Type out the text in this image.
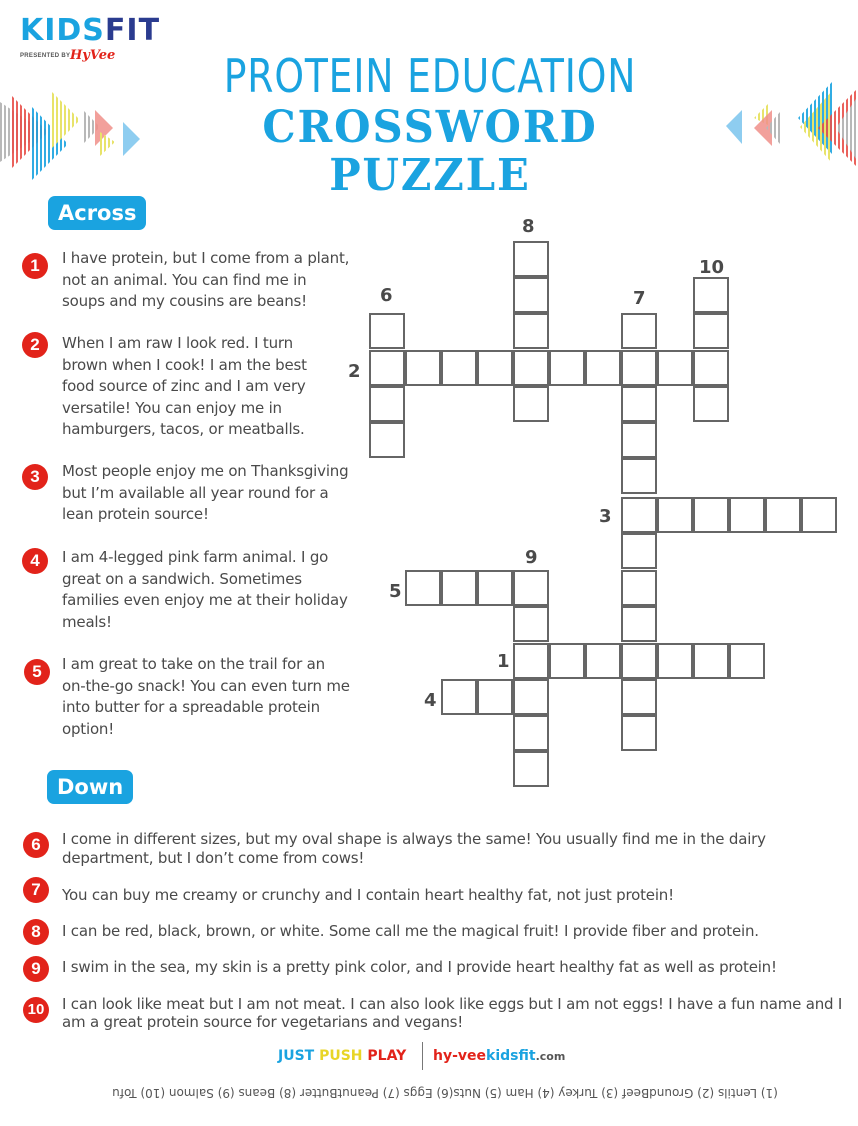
KIDSFIT
PRESENTED BY HyVee	PROTEIN EDUCATION
CROSSWORD PUZZLE
Across
1	I have protein, but I come from a plant, not an animal. You can find me in soups and my cousins are beans!
2	When I am raw I look red. I turn brown when I cook! I am the best food source of zinc and I am very versatile! You can enjoy me in hamburgers, tacos, or meatballs.
3	Most people enjoy me on Thanksgiving but I’m available all year round for a lean protein source!
4	I am 4-legged pink farm animal. I go great on a sandwich. Sometimes families even enjoy me at their holiday meals!
5	I am great to take on the trail for an on-the-go snack! You can even turn me into butter for a spreadable protein option!
8
10
6	7
2
3
9
5
1
4
Down
6	I come in different sizes, but my oval shape is always the same! You usually find me in the dairy department, but I don’t come from cows!
7	You can buy me creamy or crunchy and I contain heart healthy fat, not just protein!
8	I can be red, black, brown, or white. Some call me the magical fruit! I provide fiber and protein.
9	I swim in the sea, my skin is a pretty pink color, and I provide heart healthy fat as well as protein!
10	I can look like meat but I am not meat. I can also look like eggs but I am not eggs! I have a fun name and I am a great protein source for vegetarians and vegans!
JUST PUSH PLAY hy-veekidsfit.com
(1) Lentils (2) GroundBeef (3) Turkey (4) Ham (5) Nuts(6) Eggs (7) PeanutButter (8) Beans (9) Salmon (10) Tofu
